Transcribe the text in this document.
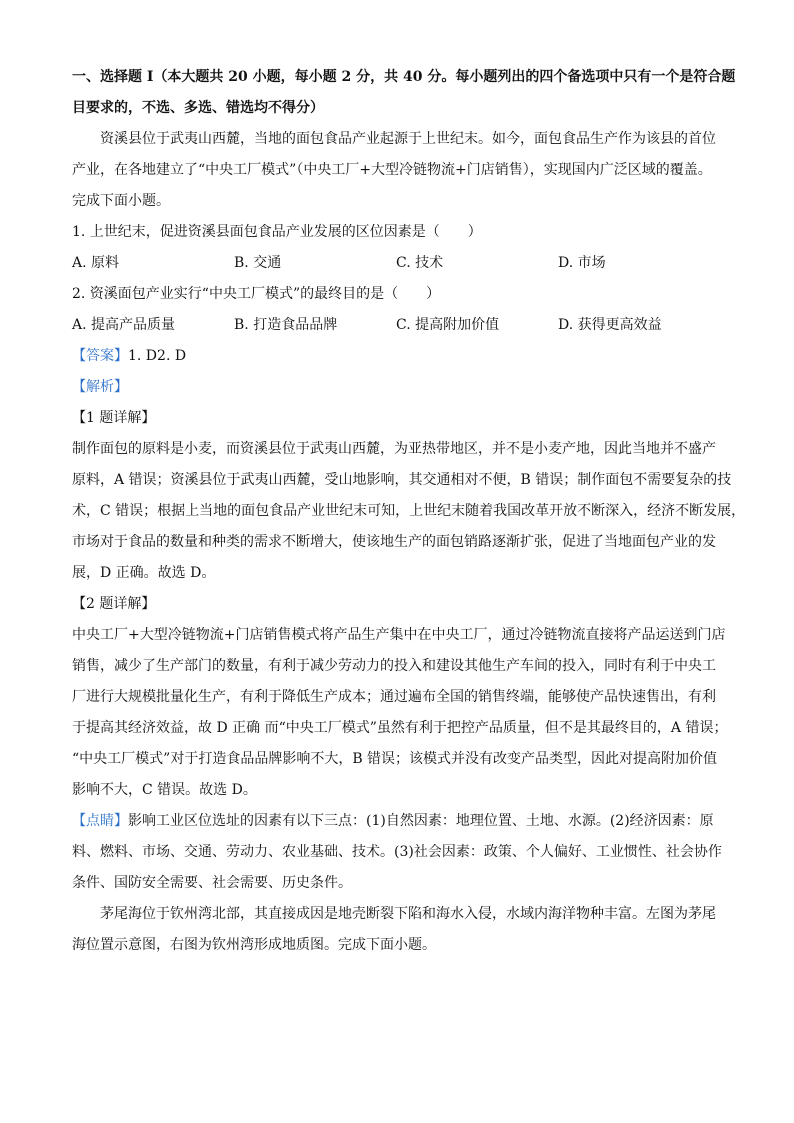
一、选择题 I（本大题共 20 小题，每小题 2 分，共 40 分。每小题列出的四个备选项中只有一个是符合题
目要求的，不选、多选、错选均不得分）
资溪县位于武夷山西麓，当地的面包食品产业起源于上世纪末。如今，面包食品生产作为该县的首位
产业，在各地建立了“中央工厂模式”（中央工厂+大型冷链物流+门店销售），实现国内广泛区域的覆盖。
完成下面小题。
1. 上世纪末，促进资溪县面包食品产业发展的区位因素是（　　）
A. 原料	B. 交通	C. 技术	D. 市场
2. 资溪面包产业实行“中央工厂模式”的最终目的是（　　）
A. 提高产品质量	B. 打造食品品牌	C. 提高附加价值	D. 获得更高效益
【答案】1. D2. D
【解析】
【1 题详解】
制作面包的原料是小麦，而资溪县位于武夷山西麓，为亚热带地区，并不是小麦产地，因此当地并不盛产
原料，A 错误；资溪县位于武夷山西麓，受山地影响，其交通相对不便，B 错误；制作面包不需要复杂的技
术，C 错误；根据上当地的面包食品产业世纪末可知，上世纪末随着我国改革开放不断深入，经济不断发展，
市场对于食品的数量和种类的需求不断增大，使该地生产的面包销路逐渐扩张，促进了当地面包产业的发
展，D 正确。故选 D。
【2 题详解】
中央工厂+大型冷链物流+门店销售模式将产品生产集中在中央工厂，通过冷链物流直接将产品运送到门店
销售，减少了生产部门的数量，有利于减少劳动力的投入和建设其他生产车间的投入，同时有利于中央工
厂进行大规模批量化生产，有利于降低生产成本；通过遍布全国的销售终端，能够使产品快速售出，有利
于提高其经济效益，故 D 正确 而“中央工厂模式”虽然有利于把控产品质量，但不是其最终目的，A 错误；
“中央工厂模式”对于打造食品品牌影响不大，B 错误；该模式并没有改变产品类型，因此对提高附加价值
影响不大，C 错误。故选 D。
【点睛】影响工业区位选址的因素有以下三点：(1)自然因素：地理位置、土地、水源。(2)经济因素：原
料、燃料、市场、交通、劳动力、农业基础、技术。(3)社会因素：政策、个人偏好、工业惯性、社会协作
条件、国防安全需要、社会需要、历史条件。
茅尾海位于钦州湾北部，其直接成因是地壳断裂下陷和海水入侵，水域内海洋物种丰富。左图为茅尾
海位置示意图，右图为钦州湾形成地质图。完成下面小题。
